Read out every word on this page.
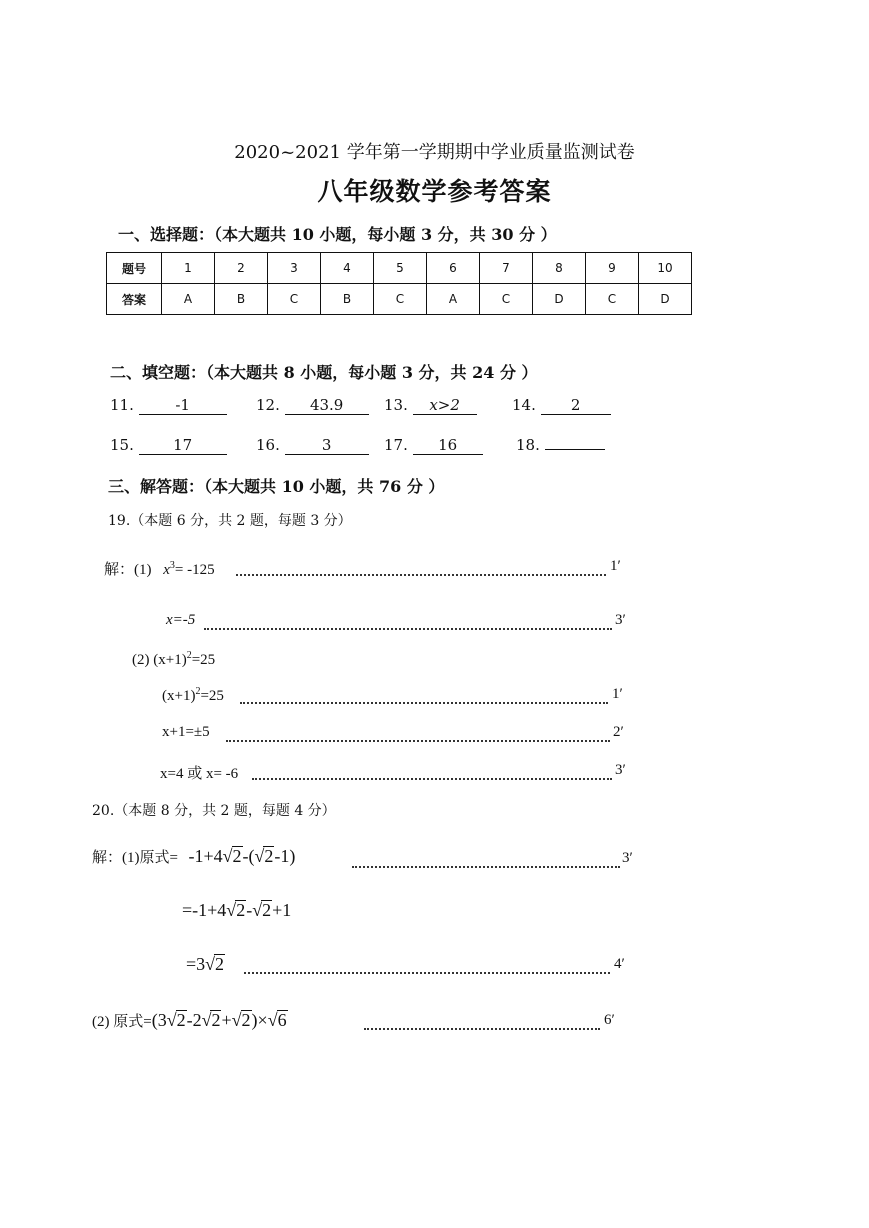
2020~2021 学年第一学期期中学业质量监测试卷
八年级数学参考答案
一、选择题：（本大题共 10 小题，每小题 3 分，共 30 分 ）
题号	1	2	3	4	5	6	7	8	9	10
答案	A	B	C	B	C	A	C	D	C	D
二、填空题：（本大题共 8 小题，每小题 3 分，共 24 分 ）
11.	-1	12. 43.9	13. x>2	14. 2
15.	17	16.	3	17. 16	18.
三、解答题：（本大题共 10 小题，共 76 分 ）
19.（本题 6 分，共 2 题，每题 3 分）
解：(1) $x^3= -125$	1′
x=-5	3′
(2) $(x+1)^2=25$
$(x+1)^2=25$	1′
x+1=±5	2′
x=4 或 x= -6	3′
20.（本题 8 分，共 2 题，每题 4 分）
解：(1)原式= -1+4√2-(√2-1)	3′
=-1+4√2-√2+1
=3√2	4′
(2) 原式=(3√2-2√2+√2)×√6	6′
